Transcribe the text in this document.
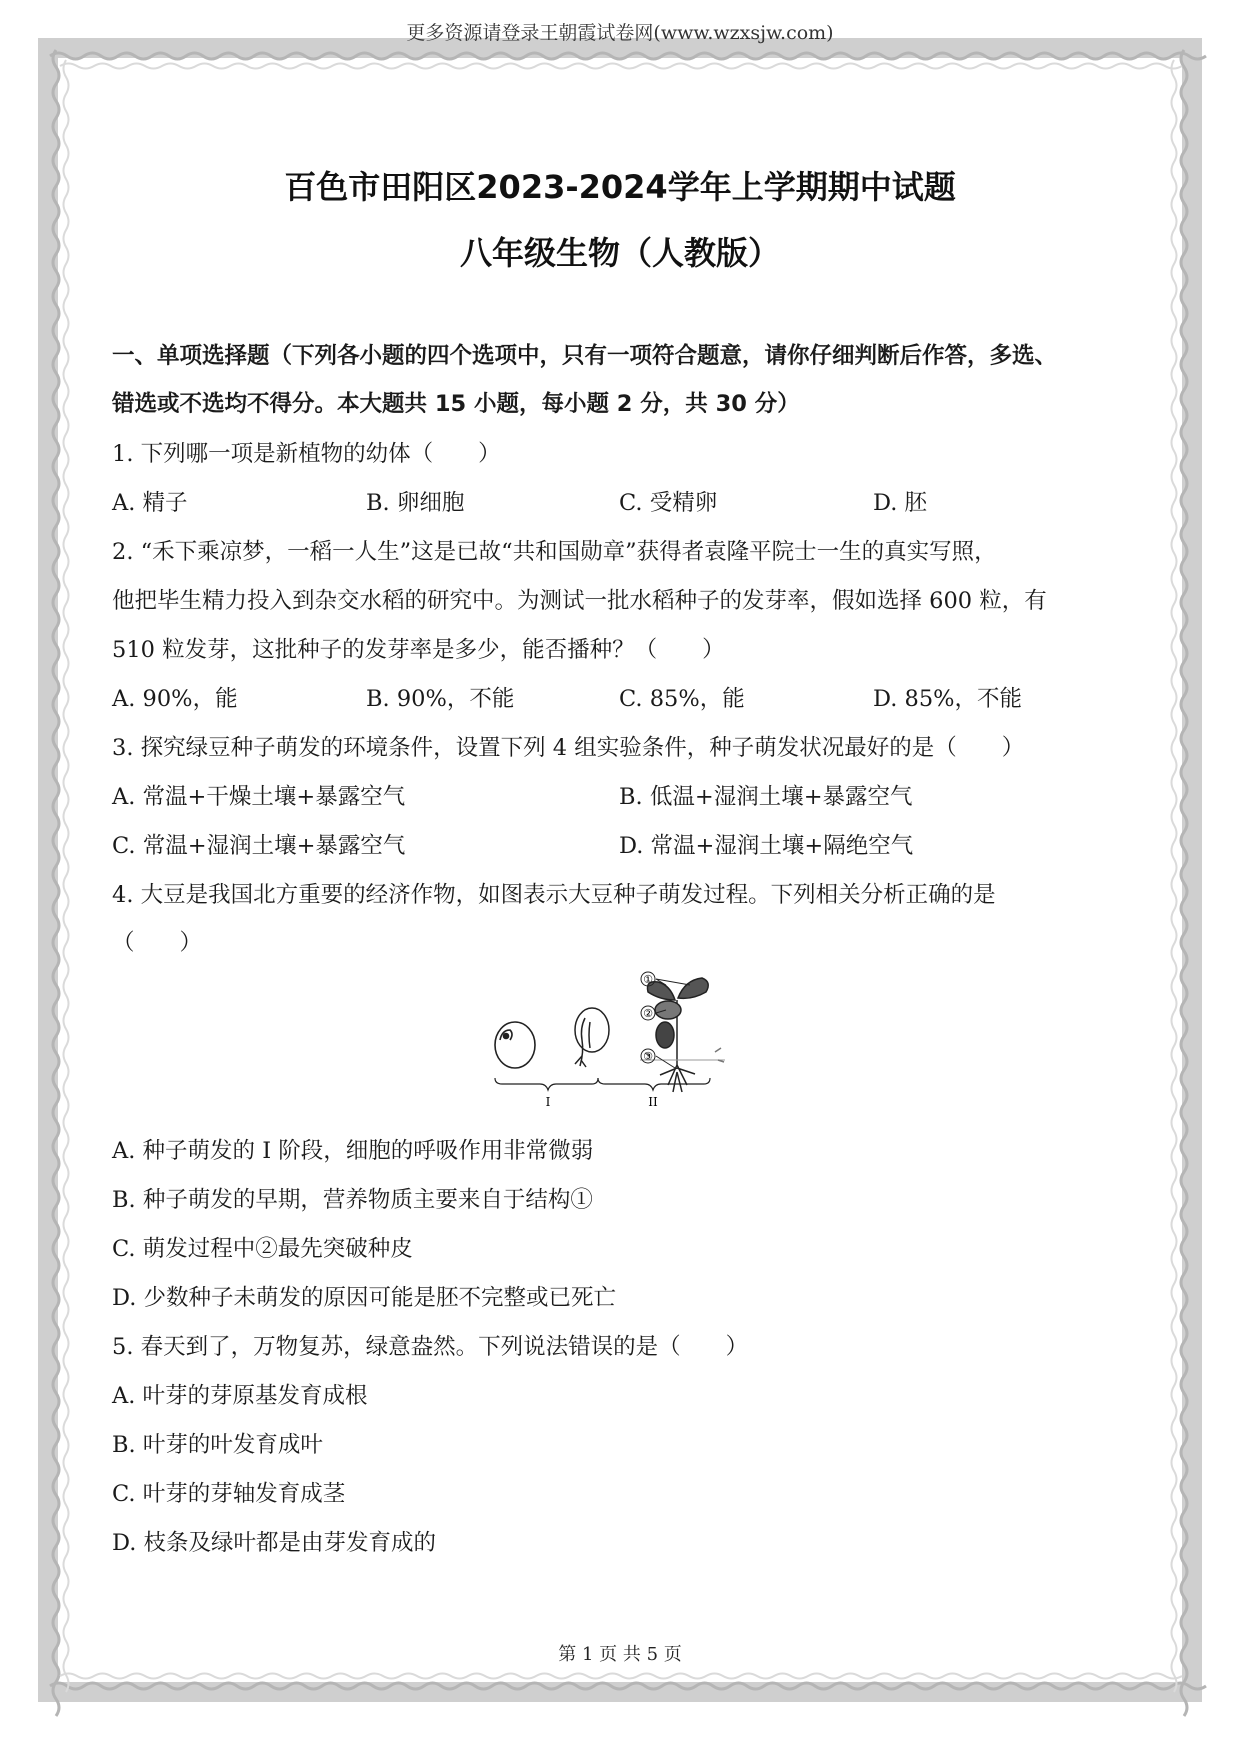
更多资源请登录王朝霞试卷网(www.wzxsjw.com)
百色市田阳区2023-2024学年上学期期中试题
八年级生物（人教版）
一、单项选择题（下列各小题的四个选项中，只有一项符合题意，请你仔细判断后作答，多选、
错选或不选均不得分。本大题共 15 小题，每小题 2 分，共 30 分）
1. 下列哪一项是新植物的幼体（　　）
A. 精子	B. 卵细胞	C. 受精卵	D. 胚
2. “禾下乘凉梦，一稻一人生”这是已故“共和国勋章”获得者袁隆平院士一生的真实写照，
他把毕生精力投入到杂交水稻的研究中。为测试一批水稻种子的发芽率，假如选择 600 粒，有
510 粒发芽，这批种子的发芽率是多少，能否播种？（　　）
A. 90%，能	B. 90%，不能	C. 85%，能	D. 85%，不能
3. 探究绿豆种子萌发的环境条件，设置下列 4 组实验条件，种子萌发状况最好的是（　　）
A. 常温+干燥土壤+暴露空气	B. 低温+湿润土壤+暴露空气
C. 常温+湿润土壤+暴露空气	D. 常温+湿润土壤+隔绝空气
4. 大豆是我国北方重要的经济作物，如图表示大豆种子萌发过程。下列相关分析正确的是
（　　）
①
②
③
I	II
A. 种子萌发的 I 阶段，细胞的呼吸作用非常微弱
B. 种子萌发的早期，营养物质主要来自于结构①
C. 萌发过程中②最先突破种皮
D. 少数种子未萌发的原因可能是胚不完整或已死亡
5. 春天到了，万物复苏，绿意盎然。下列说法错误的是（　　）
A. 叶芽的芽原基发育成根
B. 叶芽的叶发育成叶
C. 叶芽的芽轴发育成茎
D. 枝条及绿叶都是由芽发育成的
第 1 页 共 5 页
